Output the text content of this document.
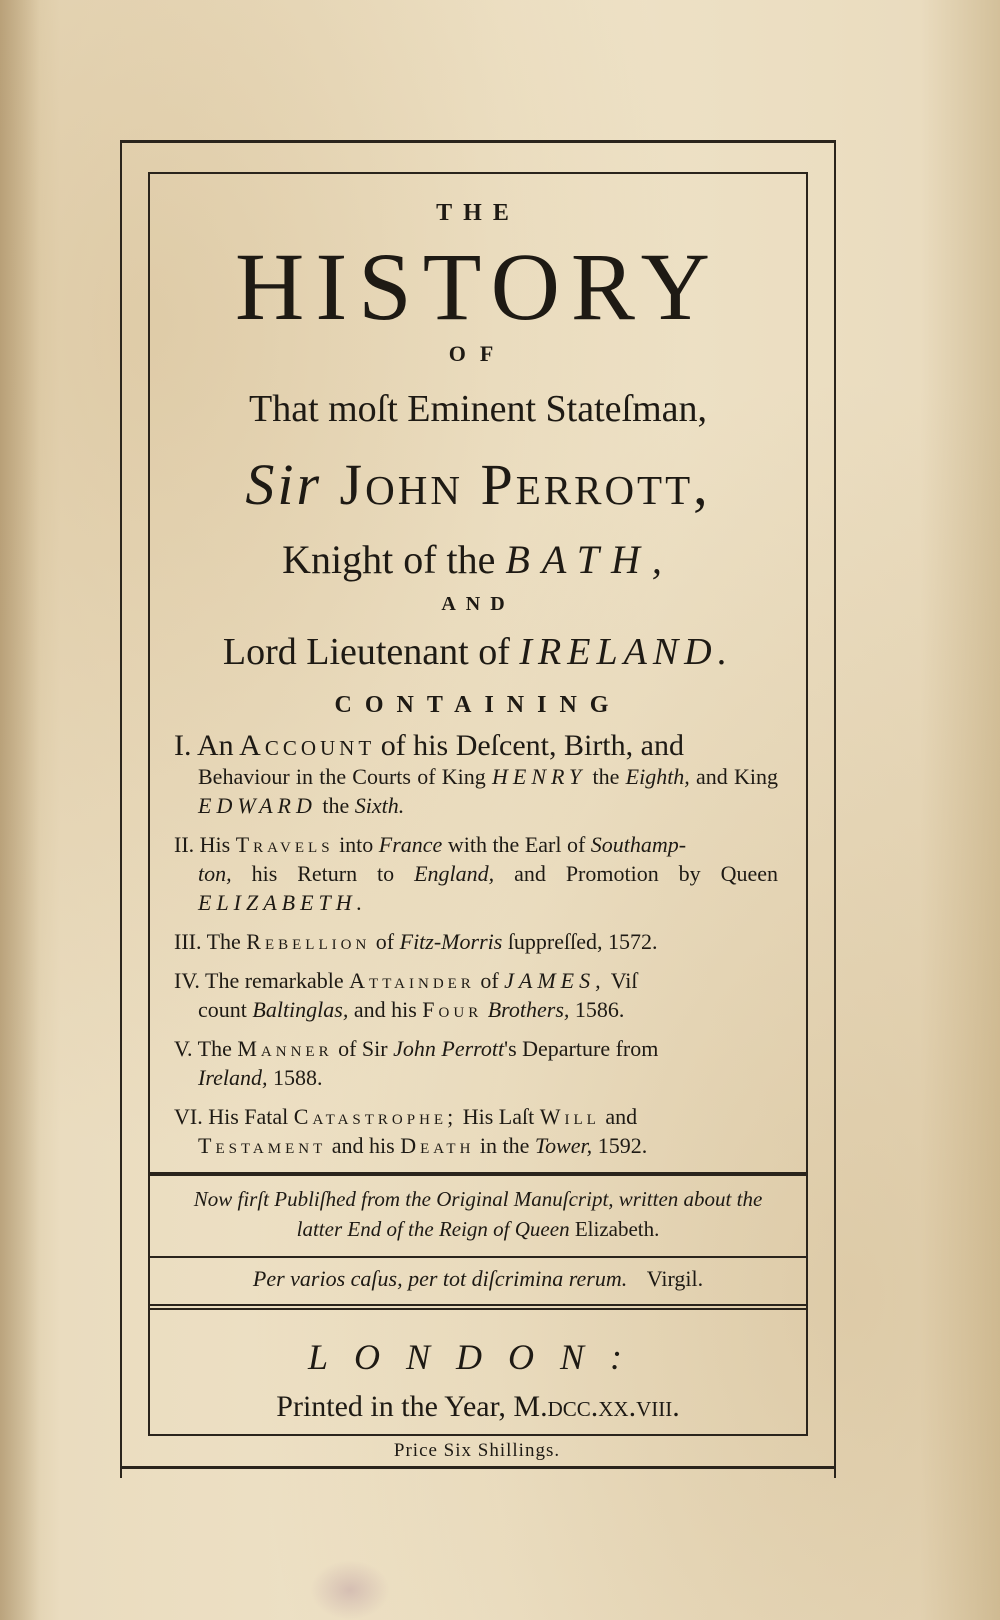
THE
HISTORY
OF
That moſt Eminent Stateſman,
Sir John Perrott,
Knight of the BATH,
AND
Lord Lieutenant of IRELAND.
CONTAINING
I. An Account of his Deſcent, Birth, and
Behaviour in the Courts of King HENRY the Eighth, and King EDWARD the Sixth.
II. His Travels into France with the Earl of Southamp-
ton, his Return to England, and Promotion by Queen ELIZABETH.
III. The Rebellion of Fitz-Morris ſuppreſſed, 1572.
IV. The remarkable Attainder of JAMES, Viſ
count Baltinglas, and his Four Brothers, 1586.
V. The Manner of Sir John Perrott's Departure from
Ireland, 1588.
VI. His Fatal Cataſtrophe; His Laſt Will and
Teſtament and his Death in the Tower, 1592.
Now firſt Publiſhed from the Original Manuſcript, written about the latter End of the Reign of Queen Elizabeth.
Per varios caſus, per tot diſcrimina rerum. Virgil.
LONDON:
Printed in the Year, M.dcc.xx.viii.
Price Six Shillings.
